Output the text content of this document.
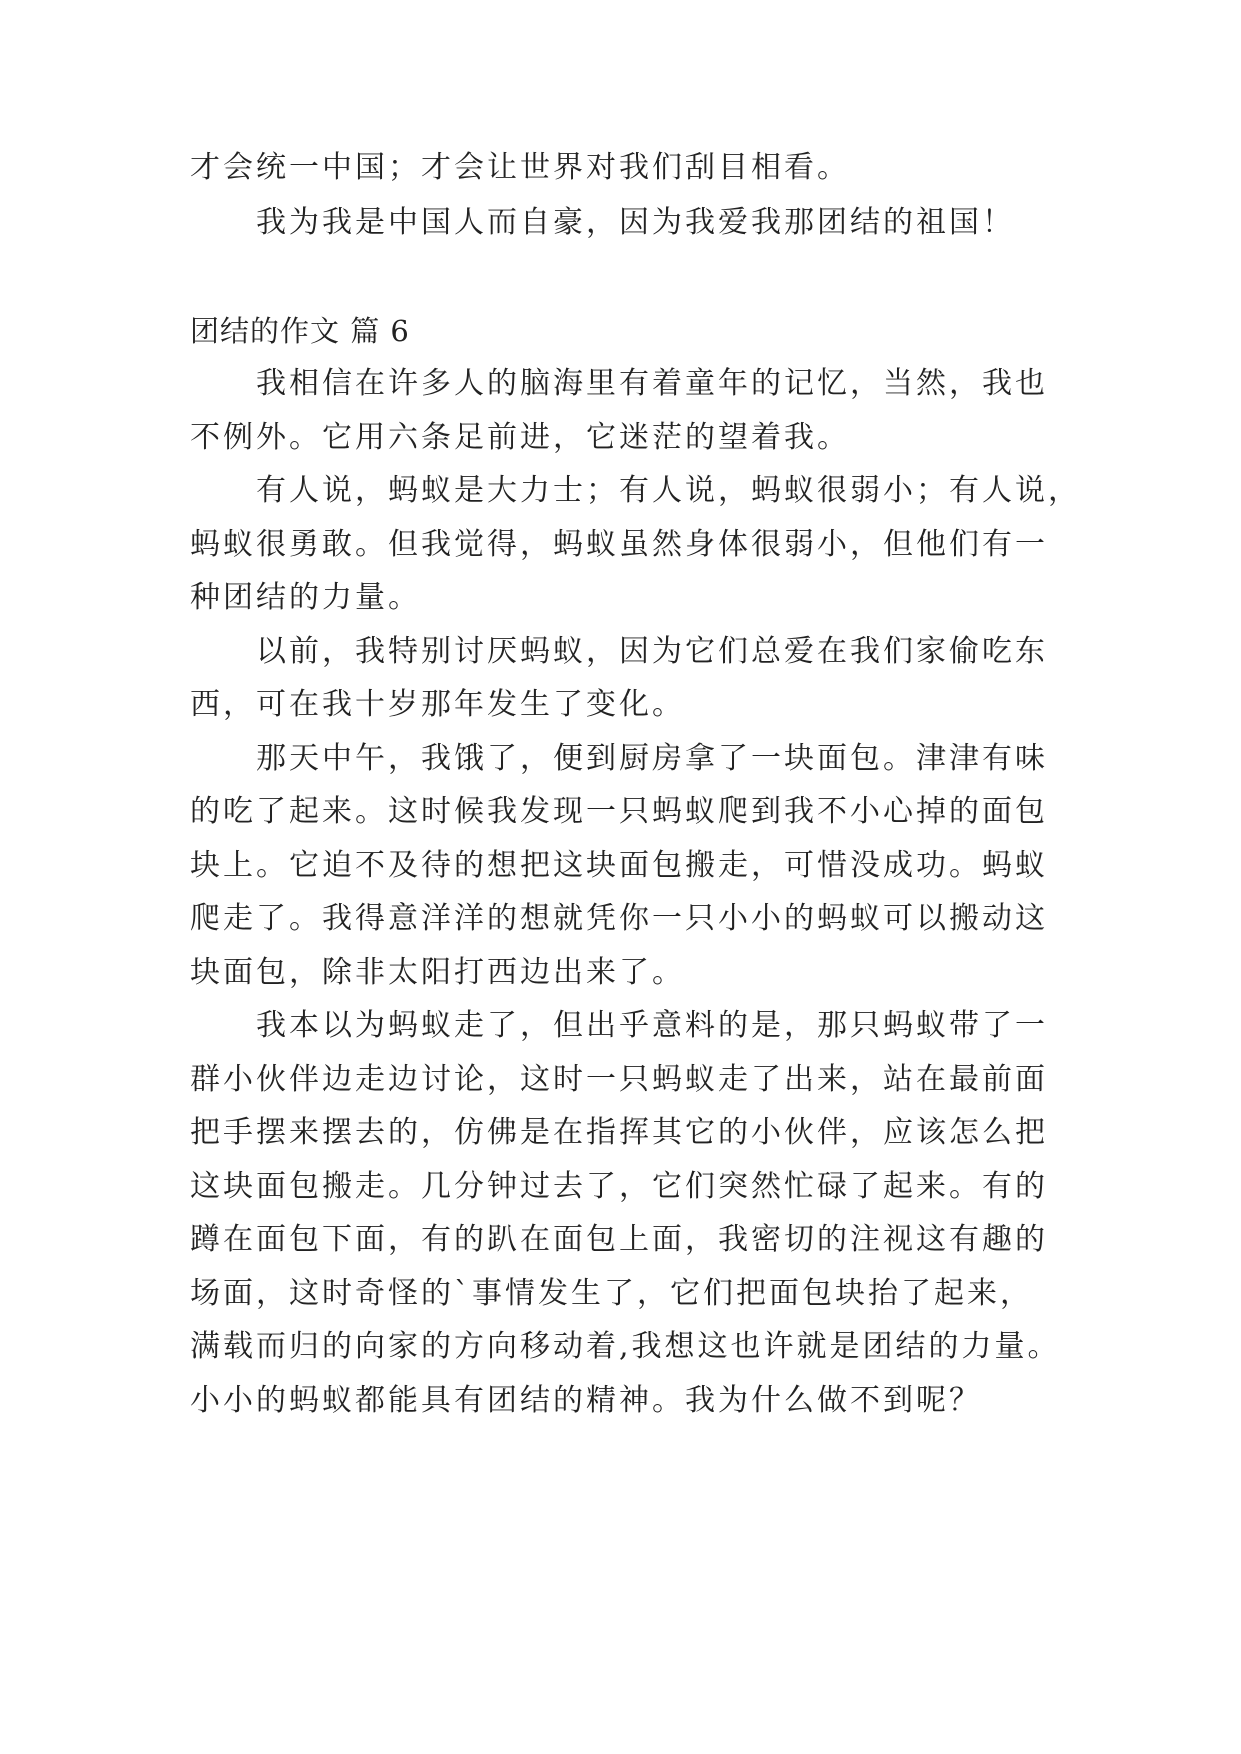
才会统一中国；才会让世界对我们刮目相看。
我为我是中国人而自豪，因为我爱我那团结的祖国！
团结的作文 篇 6
我相信在许多人的脑海里有着童年的记忆，当然，我也
不例外。它用六条足前进，它迷茫的望着我。
有人说，蚂蚁是大力士；有人说，蚂蚁很弱小；有人说，
蚂蚁很勇敢。但我觉得，蚂蚁虽然身体很弱小，但他们有一
种团结的力量。
以前，我特别讨厌蚂蚁，因为它们总爱在我们家偷吃东
西，可在我十岁那年发生了变化。
那天中午，我饿了，便到厨房拿了一块面包。津津有味
的吃了起来。这时候我发现一只蚂蚁爬到我不小心掉的面包
块上。它迫不及待的想把这块面包搬走，可惜没成功。蚂蚁
爬走了。我得意洋洋的想就凭你一只小小的蚂蚁可以搬动这
块面包，除非太阳打西边出来了。
我本以为蚂蚁走了，但出乎意料的是，那只蚂蚁带了一
群小伙伴边走边讨论，这时一只蚂蚁走了出来，站在最前面
把手摆来摆去的，仿佛是在指挥其它的小伙伴，应该怎么把
这块面包搬走。几分钟过去了，它们突然忙碌了起来。有的
蹲在面包下面，有的趴在面包上面，我密切的注视这有趣的
场面，这时奇怪的`事情发生了，它们把面包块抬了起来，
满载而归的向家的方向移动着,我想这也许就是团结的力量。
小小的蚂蚁都能具有团结的精神。我为什么做不到呢？
